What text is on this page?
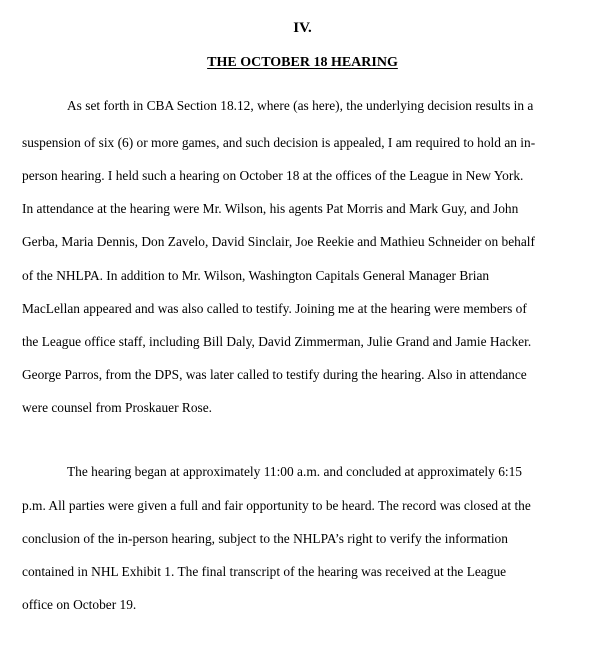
IV.
THE OCTOBER 18 HEARING
As set forth in CBA Section 18.12, where (as here), the underlying decision results in a
suspension of six (6) or more games, and such decision is appealed, I am required to hold an in-
person hearing. I held such a hearing on October 18 at the offices of the League in New York.
In attendance at the hearing were Mr. Wilson, his agents Pat Morris and Mark Guy, and John
Gerba, Maria Dennis, Don Zavelo, David Sinclair, Joe Reekie and Mathieu Schneider on behalf
of the NHLPA. In addition to Mr. Wilson, Washington Capitals General Manager Brian
MacLellan appeared and was also called to testify. Joining me at the hearing were members of
the League office staff, including Bill Daly, David Zimmerman, Julie Grand and Jamie Hacker.
George Parros, from the DPS, was later called to testify during the hearing. Also in attendance
were counsel from Proskauer Rose.
The hearing began at approximately 11:00 a.m. and concluded at approximately 6:15
p.m. All parties were given a full and fair opportunity to be heard. The record was closed at the
conclusion of the in-person hearing, subject to the NHLPA’s right to verify the information
contained in NHL Exhibit 1. The final transcript of the hearing was received at the League
office on October 19.
